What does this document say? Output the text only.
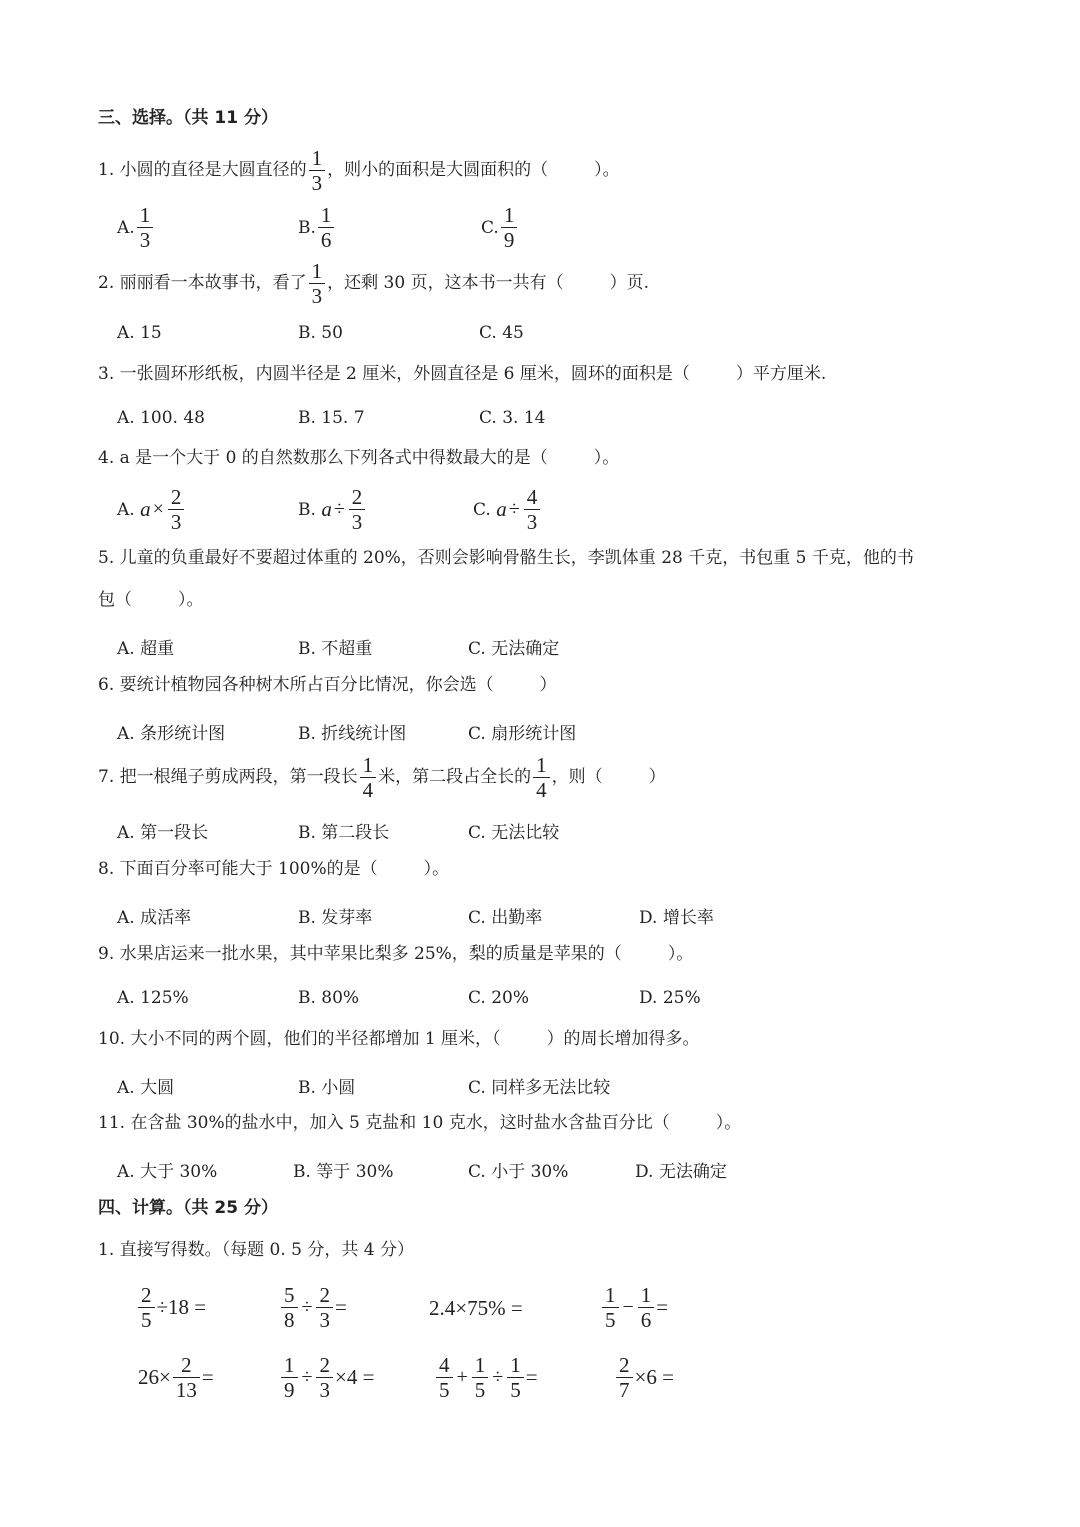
三、选择。（共 11 分）
1. 小圆的直径是大圆直径的 $\frac{1}{3}$ ，则小的面积是大圆面积的（	）。
A. $\frac{1}{3}$	B. $\frac{1}{6}$	C. $\frac{1}{9}$
2. 丽丽看一本故事书，看了 $\frac{1}{3}$ ，还剩 30 页，这本书一共有（	）页.
A. 15	B. 50	C. 45
3. 一张圆环形纸板，内圆半径是 2 厘米，外圆直径是 6 厘米，圆环的面积是（	）平方厘米.
A. 100. 48	B. 15. 7	C. 3. 14
4. a 是一个大于 0 的自然数那么下列各式中得数最大的是（	）。
A.
$a \times \frac{2}{3}$	B.
$a \div \frac{2}{3}$	C.
$a \div \frac{4}{3}$
5. 儿童的负重最好不要超过体重的 20%，否则会影响骨骼生长，李凯体重 28 千克，书包重 5 千克，他的书
包（	）。
A. 超重	B. 不超重	C. 无法确定
6. 要统计植物园各种树木所占百分比情况，你会选（	）
A. 条形统计图	B. 折线统计图	C. 扇形统计图
7. 把一根绳子剪成两段，第一段长 $\frac{1}{4}$ 米，第二段占全长的 $\frac{1}{4}$ ，则（	）
A. 第一段长	B. 第二段长	C. 无法比较
8. 下面百分率可能大于 100%的是（	）。
A. 成活率	B. 发芽率	C. 出勤率	D. 增长率
9. 水果店运来一批水果，其中苹果比梨多 25%，梨的质量是苹果的（	）。
A. 125%	B. 80%	C. 20%	D. 25%
10. 大小不同的两个圆，他们的半径都增加 1 厘米，（	）的周长增加得多。
A. 大圆	B. 小圆	C. 同样多无法比较
11. 在含盐 30%的盐水中，加入 5 克盐和 10 克水，这时盐水含盐百分比（	）。
A. 大于 30%	B. 等于 30%	C. 小于 30%	D. 无法确定
四、计算。（共 25 分）
1. 直接写得数。（每题 0. 5 分，共 4 分）
$\frac{2}{5} \div 18$ =	$\frac{5}{8} \div \frac{2}{3}$ =	2.4×75% =	$\frac{1}{5} - \frac{1}{6}$ =
$26\times \frac{2}{13}$ =	$\frac{1}{9} \div \frac{2}{3} \times 4$ =	$\frac{4}{5} + \frac{1}{5} \div \frac{1}{5}$ =	$\frac{2}{7} \times 6$ =
